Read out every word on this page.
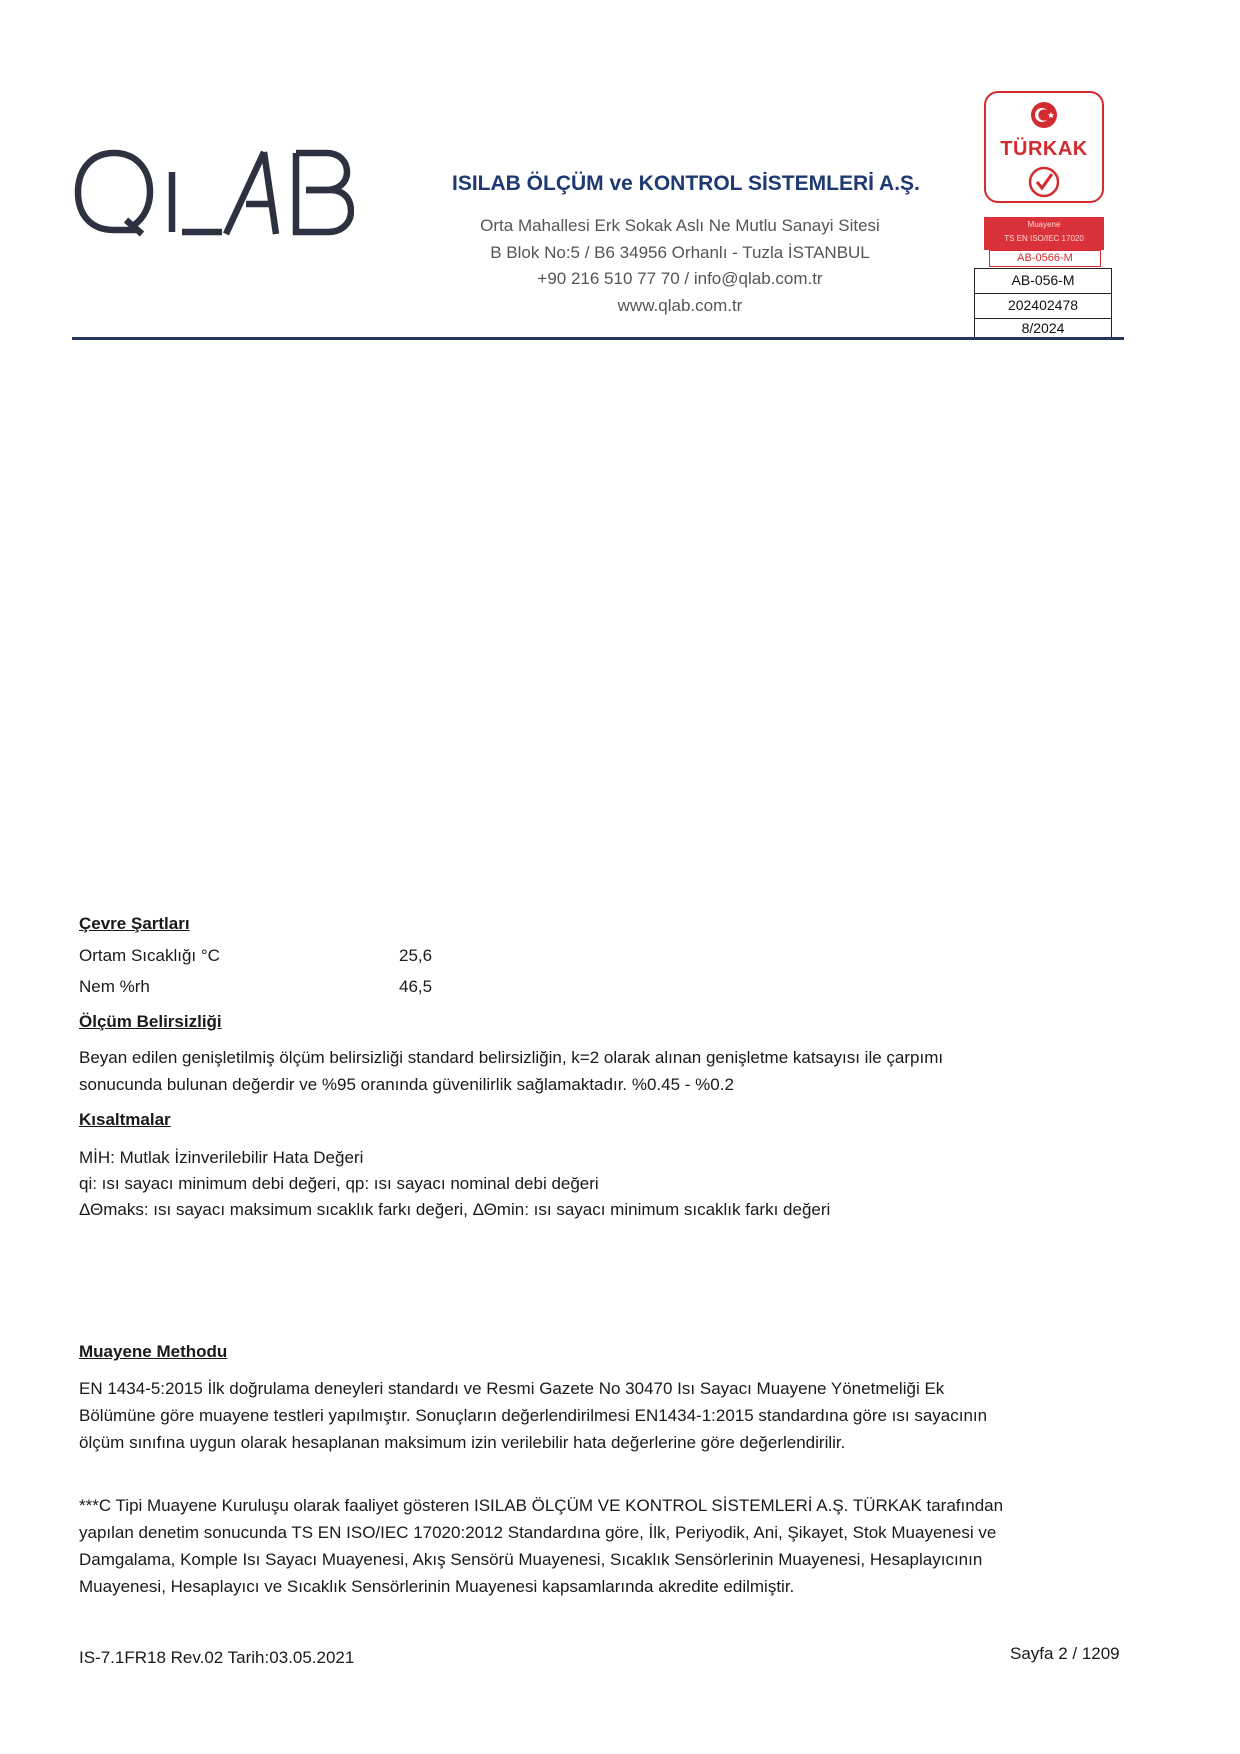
ISILAB ÖLÇÜM ve KONTROL SİSTEMLERİ A.Ş.
Orta Mahallesi Erk Sokak Aslı Ne Mutlu Sanayi Sitesi
B Blok No:5 / B6 34956 Orhanlı - Tuzla İSTANBUL
+90 216 510 77 70 / info@qlab.com.tr
www.qlab.com.tr
TÜRKAK
Muayene
TS EN ISO/IEC 17020
AB-0566-M
AB-056-M
202402478
8/2024
Çevre Şartları
Ortam Sıcaklığı °C	25,6
Nem %rh	46,5
Ölçüm Belirsizliği
Beyan edilen genişletilmiş ölçüm belirsizliği standard belirsizliğin, k=2 olarak alınan genişletme katsayısı ile çarpımı
sonucunda bulunan değerdir ve %95 oranında güvenilirlik sağlamaktadır. %0.45 - %0.2
Kısaltmalar
MİH: Mutlak İzinverilebilir Hata Değeri
qi: ısı sayacı minimum debi değeri, qp: ısı sayacı nominal debi değeri
ΔΘmaks: ısı sayacı maksimum sıcaklık farkı değeri, ΔΘmin: ısı sayacı minimum sıcaklık farkı değeri
Muayene Methodu
EN 1434-5:2015 İlk doğrulama deneyleri standardı ve Resmi Gazete No 30470 Isı Sayacı Muayene Yönetmeliği Ek
Bölümüne göre muayene testleri yapılmıştır. Sonuçların değerlendirilmesi EN1434-1:2015 standardına göre ısı sayacının
ölçüm sınıfına uygun olarak hesaplanan maksimum izin verilebilir hata değerlerine göre değerlendirilir.
***C Tipi Muayene Kuruluşu olarak faaliyet gösteren ISILAB ÖLÇÜM VE KONTROL SİSTEMLERİ A.Ş. TÜRKAK tarafından
yapılan denetim sonucunda TS EN ISO/IEC 17020:2012 Standardına göre, İlk, Periyodik, Ani, Şikayet, Stok Muayenesi ve
Damgalama, Komple Isı Sayacı Muayenesi, Akış Sensörü Muayenesi, Sıcaklık Sensörlerinin Muayenesi, Hesaplayıcının
Muayenesi, Hesaplayıcı ve Sıcaklık Sensörlerinin Muayenesi kapsamlarında akredite edilmiştir.
IS-7.1FR18 Rev.02 Tarih:03.05.2021	Sayfa 2 / 1209
